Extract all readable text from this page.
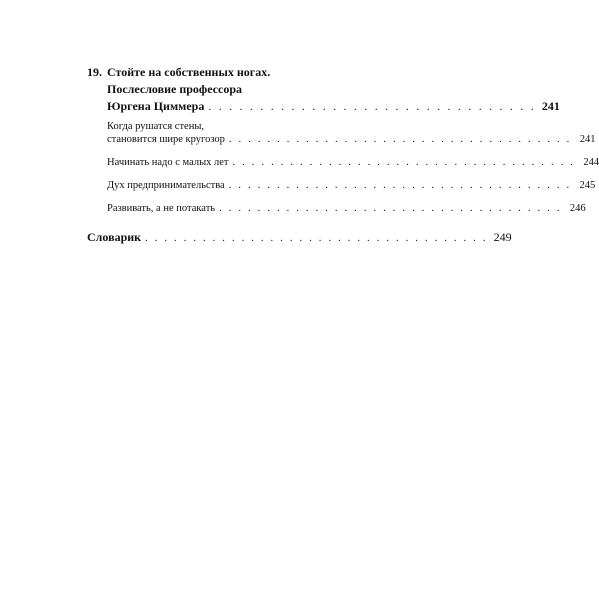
19. Стойте на собственных ногах.
Послесловие профессора
Юргена Циммера . . . . . . . . . . . . . . . . . . . . . . . . . . . . . . . . 241
Когда рушатся стены,
становится шире кругозор . . . . . . . . . . . . . . . . . . . . . . . . . . . . . . . . . . . . 241
Начинать надо с малых лет . . . . . . . . . . . . . . . . . . . . . . . . . . . . . . . . . . . . 244
Дух предпринимательства . . . . . . . . . . . . . . . . . . . . . . . . . . . . . . . . . . . . 245
Развивать, а не потакать . . . . . . . . . . . . . . . . . . . . . . . . . . . . . . . . . . . . 246
Словарик . . . . . . . . . . . . . . . . . . . . . . . . . . . . . . . . . . . . 249
